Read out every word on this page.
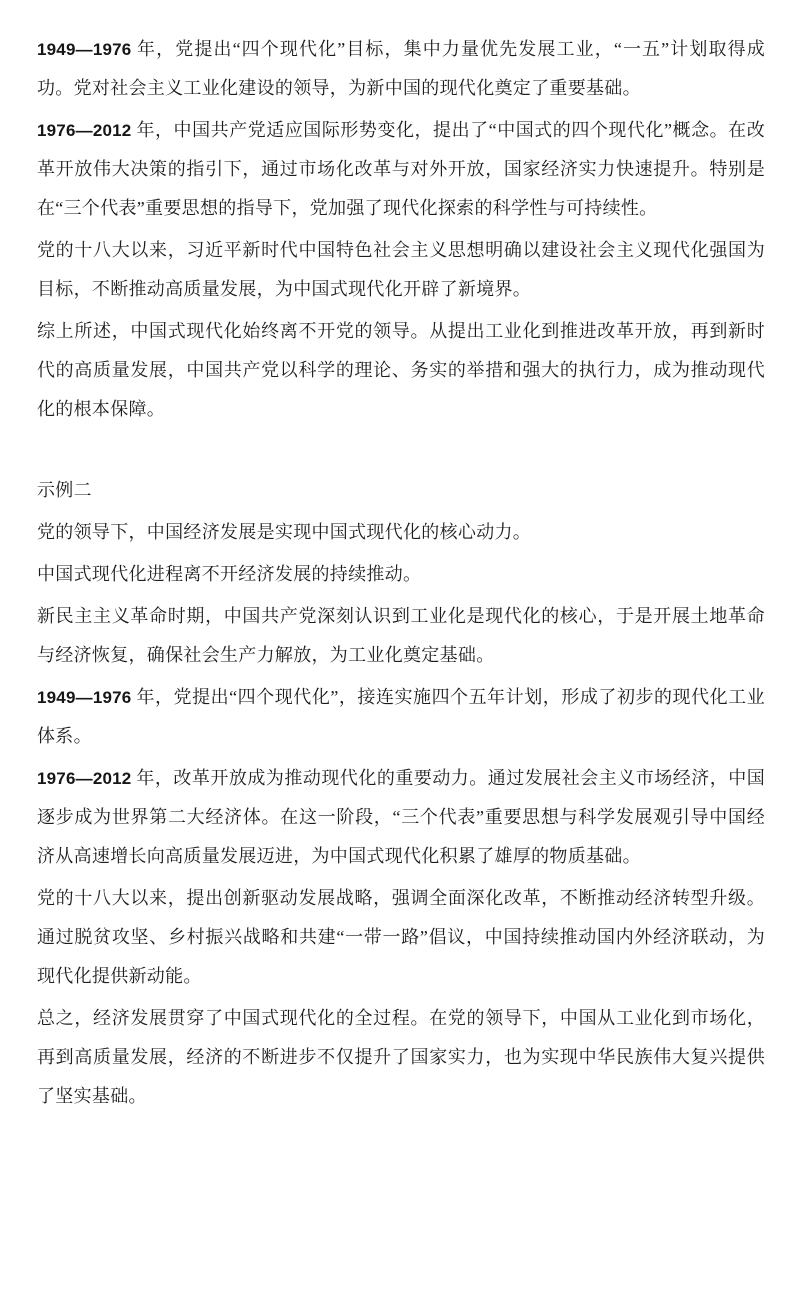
1949—1976 年，党提出“四个现代化”目标，集中力量优先发展工业，“一五”计划取得成功。党对社会主义工业化建设的领导，为新中国的现代化奠定了重要基础。

1976—2012 年，中国共产党适应国际形势变化，提出了“中国式的四个现代化”概念。在改革开放伟大决策的指引下，通过市场化改革与对外开放，国家经济实力快速提升。特别是在“三个代表”重要思想的指导下，党加强了现代化探索的科学性与可持续性。

党的十八大以来，习近平新时代中国特色社会主义思想明确以建设社会主义现代化强国为目标，不断推动高质量发展，为中国式现代化开辟了新境界。

综上所述，中国式现代化始终离不开党的领导。从提出工业化到推进改革开放，再到新时代的高质量发展，中国共产党以科学的理论、务实的举措和强大的执行力，成为推动现代化的根本保障。

示例二

党的领导下，中国经济发展是实现中国式现代化的核心动力。

中国式现代化进程离不开经济发展的持续推动。

新民主主义革命时期，中国共产党深刻认识到工业化是现代化的核心，于是开展土地革命与经济恢复，确保社会生产力解放，为工业化奠定基础。

1949—1976 年，党提出“四个现代化”，接连实施四个五年计划，形成了初步的现代化工业体系。

1976—2012 年，改革开放成为推动现代化的重要动力。通过发展社会主义市场经济，中国逐步成为世界第二大经济体。在这一阶段，“三个代表”重要思想与科学发展观引导中国经济从高速增长向高质量发展迈进，为中国式现代化积累了雄厚的物质基础。

党的十八大以来，提出创新驱动发展战略，强调全面深化改革，不断推动经济转型升级。通过脱贫攻坚、乡村振兴战略和共建“一带一路”倡议，中国持续推动国内外经济联动，为现代化提供新动能。

总之，经济发展贯穿了中国式现代化的全过程。在党的领导下，中国从工业化到市场化，再到高质量发展，经济的不断进步不仅提升了国家实力，也为实现中华民族伟大复兴提供了坚实基础。
